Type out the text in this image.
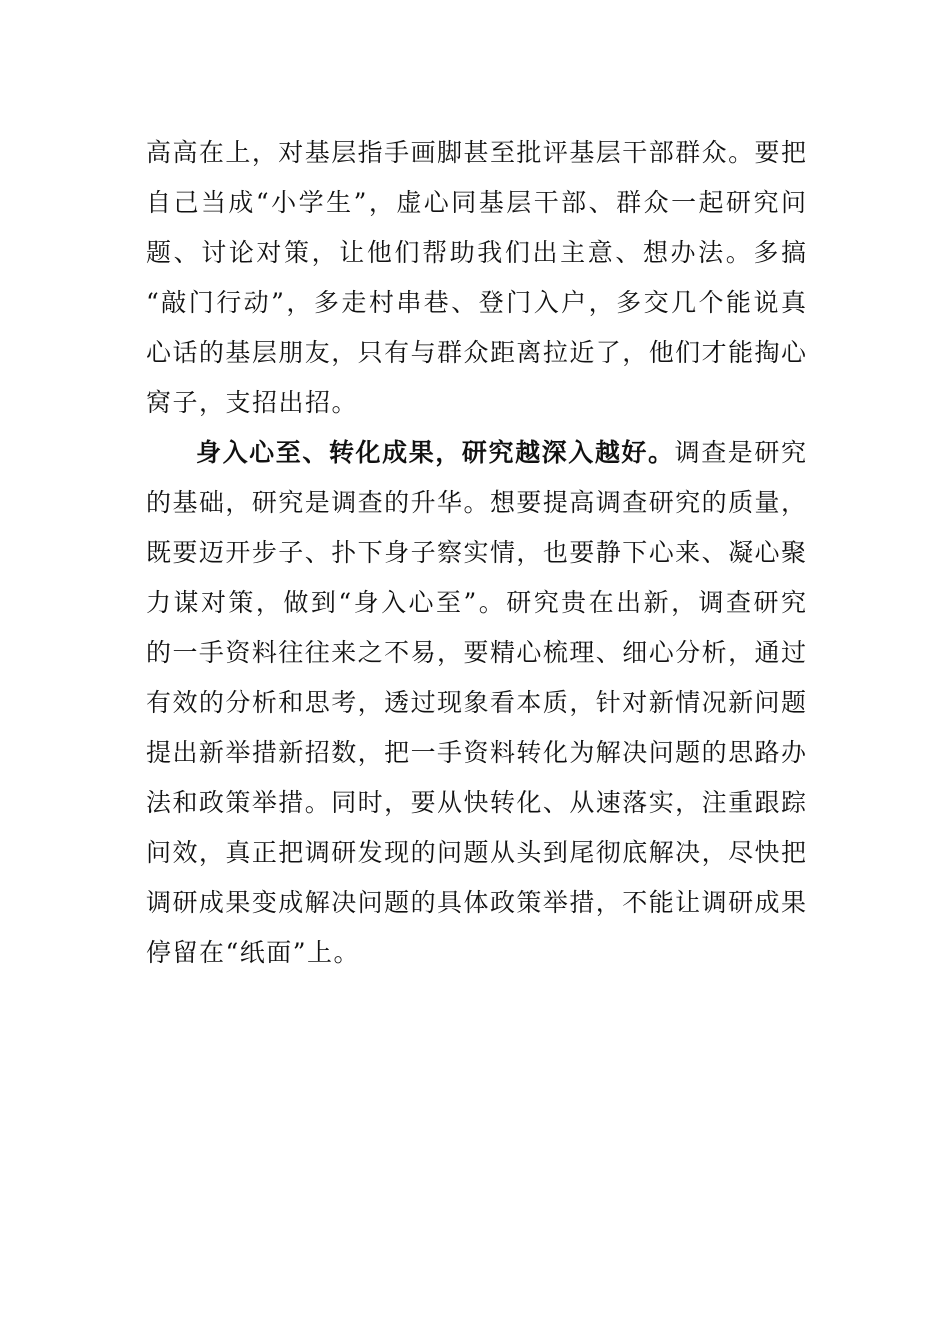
高高在上，对基层指手画脚甚至批评基层干部群众。要把
自己当成“小学生”，虚心同基层干部、群众一起研究问
题、讨论对策，让他们帮助我们出主意、想办法。多搞
“敲门行动”，多走村串巷、登门入户，多交几个能说真
心话的基层朋友，只有与群众距离拉近了，他们才能掏心
窝子，支招出招。
身入心至、转化成果，研究越深入越好。调查是研究
的基础，研究是调查的升华。想要提高调查研究的质量，
既要迈开步子、扑下身子察实情，也要静下心来、凝心聚
力谋对策，做到“身入心至”。研究贵在出新，调查研究
的一手资料往往来之不易，要精心梳理、细心分析，通过
有效的分析和思考，透过现象看本质，针对新情况新问题
提出新举措新招数，把一手资料转化为解决问题的思路办
法和政策举措。同时，要从快转化、从速落实，注重跟踪
问效，真正把调研发现的问题从头到尾彻底解决，尽快把
调研成果变成解决问题的具体政策举措，不能让调研成果
停留在“纸面”上。
